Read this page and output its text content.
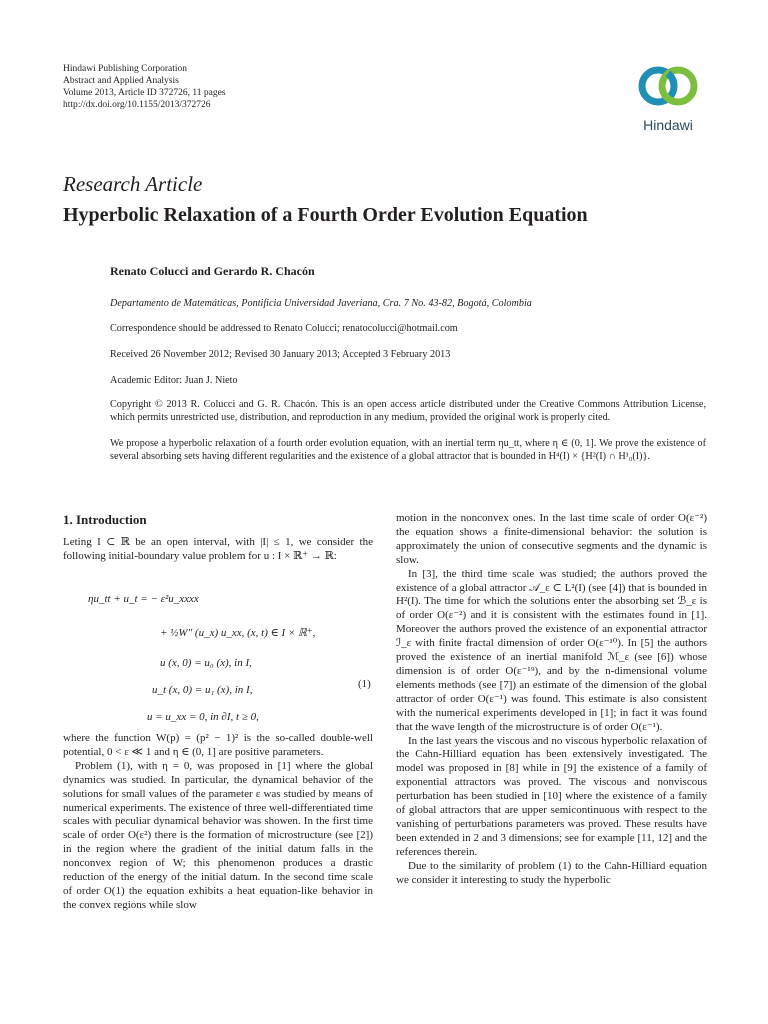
Hindawi Publishing Corporation
Abstract and Applied Analysis
Volume 2013, Article ID 372726, 11 pages
http://dx.doi.org/10.1155/2013/372726
Hindawi
Research Article
Hyperbolic Relaxation of a Fourth Order Evolution Equation
Renato Colucci and Gerardo R. Chacón
Departamento de Matemáticas, Pontificia Universidad Javeriana, Cra. 7 No. 43-82, Bogotá, Colombia
Correspondence should be addressed to Renato Colucci; renatocolucci@hotmail.com
Received 26 November 2012; Revised 30 January 2013; Accepted 3 February 2013
Academic Editor: Juan J. Nieto
Copyright © 2013 R. Colucci and G. R. Chacón. This is an open access article distributed under the Creative Commons Attribution License, which permits unrestricted use, distribution, and reproduction in any medium, provided the original work is properly cited.
We propose a hyperbolic relaxation of a fourth order evolution equation, with an inertial term ηu_tt, where η ∈ (0, 1]. We prove the existence of several absorbing sets having different regularities and the existence of a global attractor that is bounded in H⁴(I) × {H²(I) ∩ H¹₀(I)}.
1. Introduction

Leting I ⊂ ℝ be an open interval, with |I| ≤ 1, we consider the following initial-boundary value problem for u : I × ℝ⁺ → ℝ:

ηu_tt + u_t = − ε²u_xxxx
+ ½W″ (u_x) u_xx, (x, t) ∈ I × ℝ⁺,
u (x, 0) = u₀ (x), in I,
u_t (x, 0) = u₁ (x), in I,
u = u_xx = 0, in ∂I, t ≥ 0,
(1)

where the function W(p) = (p² − 1)² is the so-called double-well potential, 0 < ε ≪ 1 and η ∈ (0, 1] are positive parameters.

Problem (1), with η = 0, was proposed in [1] where the global dynamics was studied. In particular, the dynamical behavior of the solutions for small values of the parameter ε was studied by means of numerical experiments. The existence of three well-differentiated time scales with peculiar dynamical behavior was showen. In the first time scale of order O(ε²) there is the formation of microstructure (see [2]) in the region where the gradient of the initial datum falls in the nonconvex region of W; this phenomenon produces a drastic reduction of the energy of the initial datum. In the second time scale of order O(1) the equation exhibits a heat equation-like behavior in the convex regions while slow

motion in the nonconvex ones. In the last time scale of order O(ε⁻²) the equation shows a finite-dimensional behavior: the solution is approximately the union of consecutive segments and the dynamic is slow.

In [3], the third time scale was studied; the authors proved the existence of a global attractor 𝒜_ε ⊂ L²(I) (see [4]) that is bounded in H²(I). The time for which the solutions enter the absorbing set ℬ_ε is of order O(ε⁻²) and it is consistent with the estimates found in [1]. Moreover the authors proved the existence of an exponential attractor ℐ_ε with finite fractal dimension of order O(ε⁻¹⁰). In [5] the authors proved the existence of an inertial manifold ℳ_ε (see [6]) whose dimension is of order O(ε⁻¹⁹), and by the n-dimensional volume elements methods (see [7]) an estimate of the dimension of the global attractor of order O(ε⁻¹) was found. This estimate is also consistent with the numerical experiments developed in [1]; in fact it was found that the wave length of the microstructure is of order O(ε⁻¹).

In the last years the viscous and no viscous hyperbolic relaxation of the Cahn-Hilliard equation has been extensively investigated. The model was proposed in [8] while in [9] the existence of a family of exponential attractors was proved. The viscous and nonviscous perturbation has been studied in [10] where the existence of a family of global attractors that are upper semicontinuous with respect to the vanishing of perturbations parameters was proved. These results have been extended in 2 and 3 dimensions; see for example [11, 12] and the references therein.

Due to the similarity of problem (1) to the Cahn-Hilliard equation we consider it interesting to study the hyperbolic
